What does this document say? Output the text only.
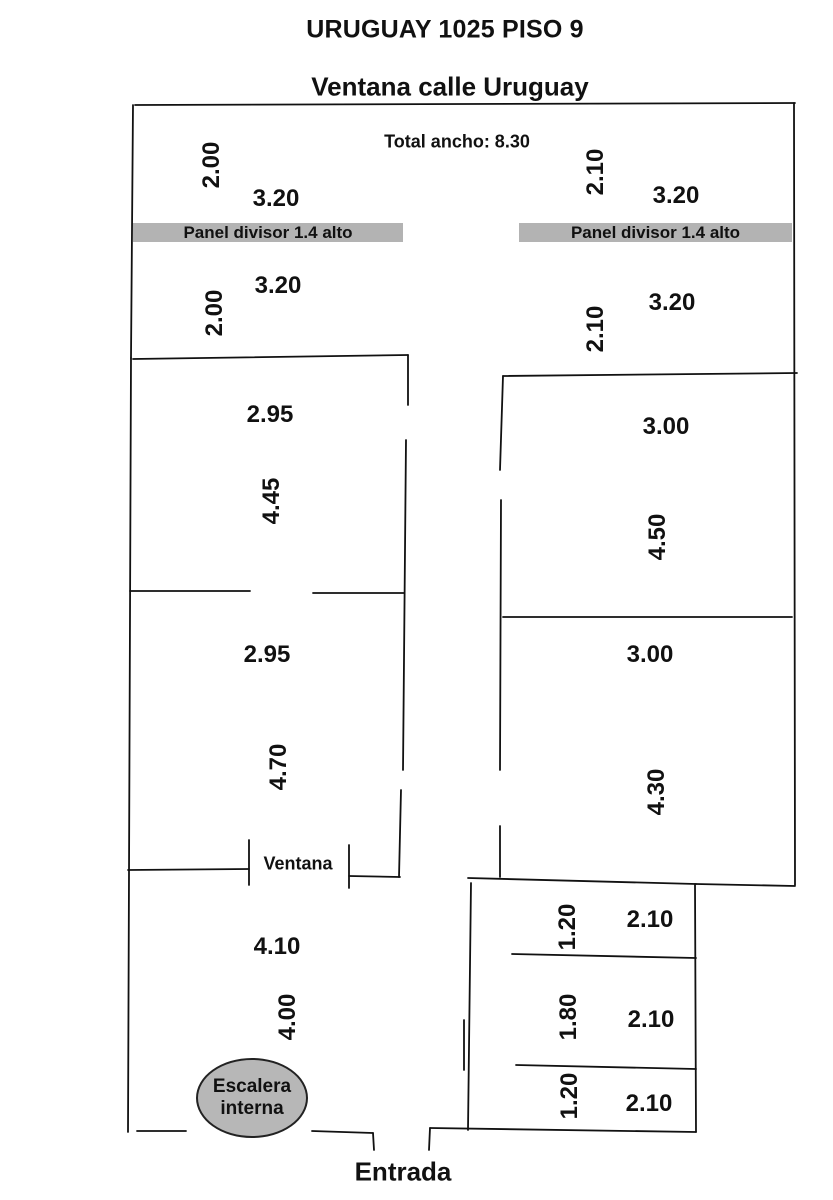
URUGUAY 1025 PISO 9
Ventana calle Uruguay
Total ancho: 8.30
Panel divisor 1.4 alto	Panel divisor 1.4 alto
2.00
3.20
3.20
2.00
2.10
3.20
3.20
2.10
2.95
4.45
3.00
4.50
2.95
4.70
3.00
4.30
Ventana
4.10
4.00
1.20 2.10
1.80 2.10
1.20 2.10
Escalera
interna
Entrada
